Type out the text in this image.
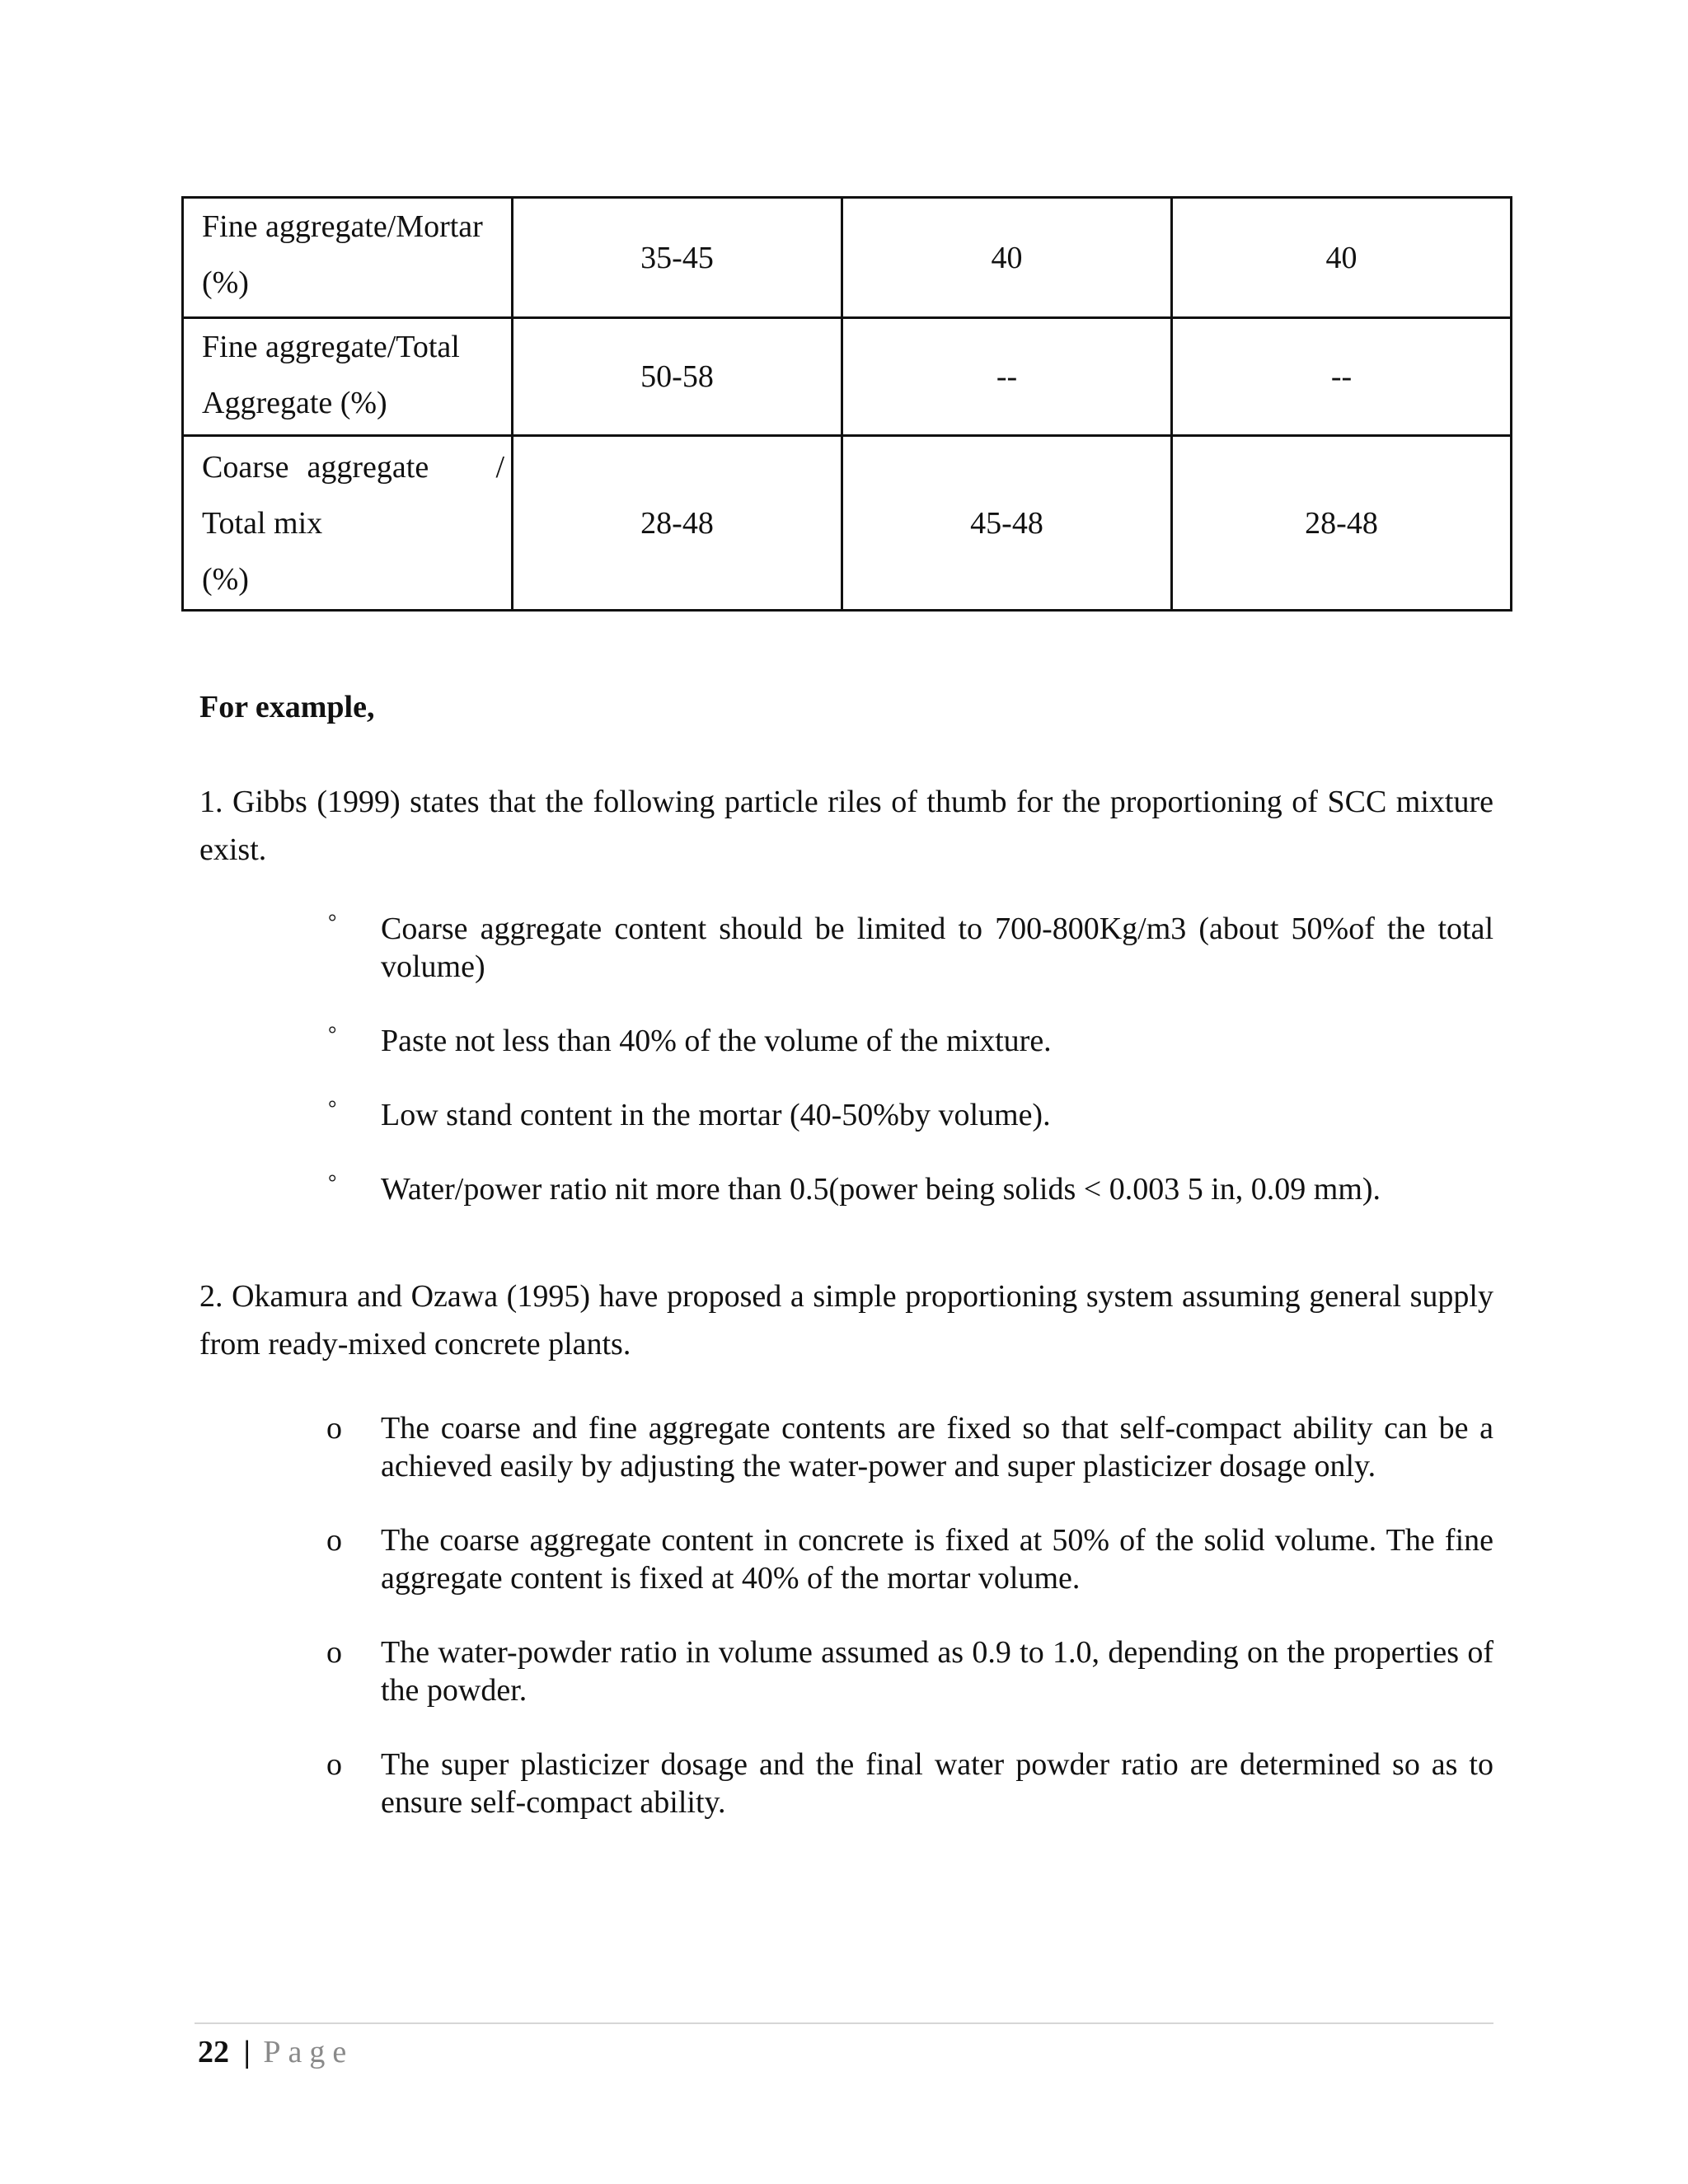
Fine aggregate/Mortar
(%)	35-45	40	40
Fine aggregate/Total
Aggregate (%)	50-58	--	--

Coarse aggregate /
Total mix
(%)	28-48	45-48	28-48
For example,
1. Gibbs (1999) states that the following particle riles of thumb for the proportioning of SCC mixture exist.
° Coarse aggregate content should be limited to 700-800Kg/m3 (about 50%of the total volume)
° Paste not less than 40% of the volume of the mixture.
° Low stand content in the mortar (40-50%by volume).
° Water/power ratio nit more than 0.5(power being solids < 0.003 5 in, 0.09 mm).
2. Okamura and Ozawa (1995) have proposed a simple proportioning system assuming general supply from ready-mixed concrete plants.
o The coarse and fine aggregate contents are fixed so that self-compact ability can be a achieved easily by adjusting the water-power and super plasticizer dosage only.
o The coarse aggregate content in concrete is fixed at 50% of the solid volume. The fine aggregate content is fixed at 40% of the mortar volume.
o The water-powder ratio in volume assumed as 0.9 to 1.0, depending on the properties of the powder.
o The super plasticizer dosage and the final water powder ratio are determined so as to ensure self-compact ability.
22 | Page
